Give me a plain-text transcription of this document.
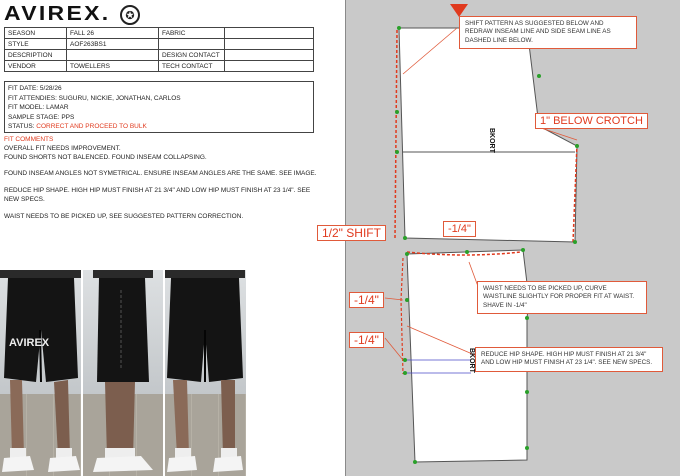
AVIREX.	✪
SEASON	FALL 26	FABRIC	
STYLE	AOF263BS1		
DESCRIPTION		DESIGN CONTACT	
VENDOR	TOWELLERS	TECH CONTACT	
FIT DATE: 5/28/26
FIT ATTENDIES: SUGURU, NICKIE, JONATHAN, CARLOS
FIT MODEL: LAMAR
SAMPLE STAGE: PPS
STATUS: CORRECT AND PROCEED TO BULK
FIT COMMENTS
OVERALL FIT NEEDS IMPROVEMENT.
FOUND SHORTS NOT BALENCED. FOUND INSEAM COLLAPSING.
FOUND INSEAM ANGLES NOT SYMETRICAL. ENSURE INSEAM ANGLES ARE THE SAME. SEE IMAGE.
REDUCE HIP SHAPE. HIGH HIP MUST FINISH AT 21 3/4" AND LOW HIP MUST FINISH AT 23 1/4". SEE NEW SPECS.
WAIST NEEDS TO BE PICKED UP, SEE SUGGESTED PATTERN CORRECTION.
AVIREX
SHIFT PATTERN AS SUGGESTED BELOW AND REDRAW INSEAM LINE AND SIDE SEAM LINE AS DASHED LINE BELOW.
1" BELOW CROTCH
1/2" SHIFT	-1/4"
-1/4"
-1/4"
WAIST NEEDS TO BE PICKED UP, CURVE WAISTLINE SLIGHTLY FOR PROPER FIT AT WAIST. SHAVE IN -1/4"
REDUCE HIP SHAPE. HIGH HIP MUST FINISH AT 21 3/4" AND LOW HIP MUST FINISH AT 23 1/4". SEE NEW SPECS.
BKORT
BKORT
